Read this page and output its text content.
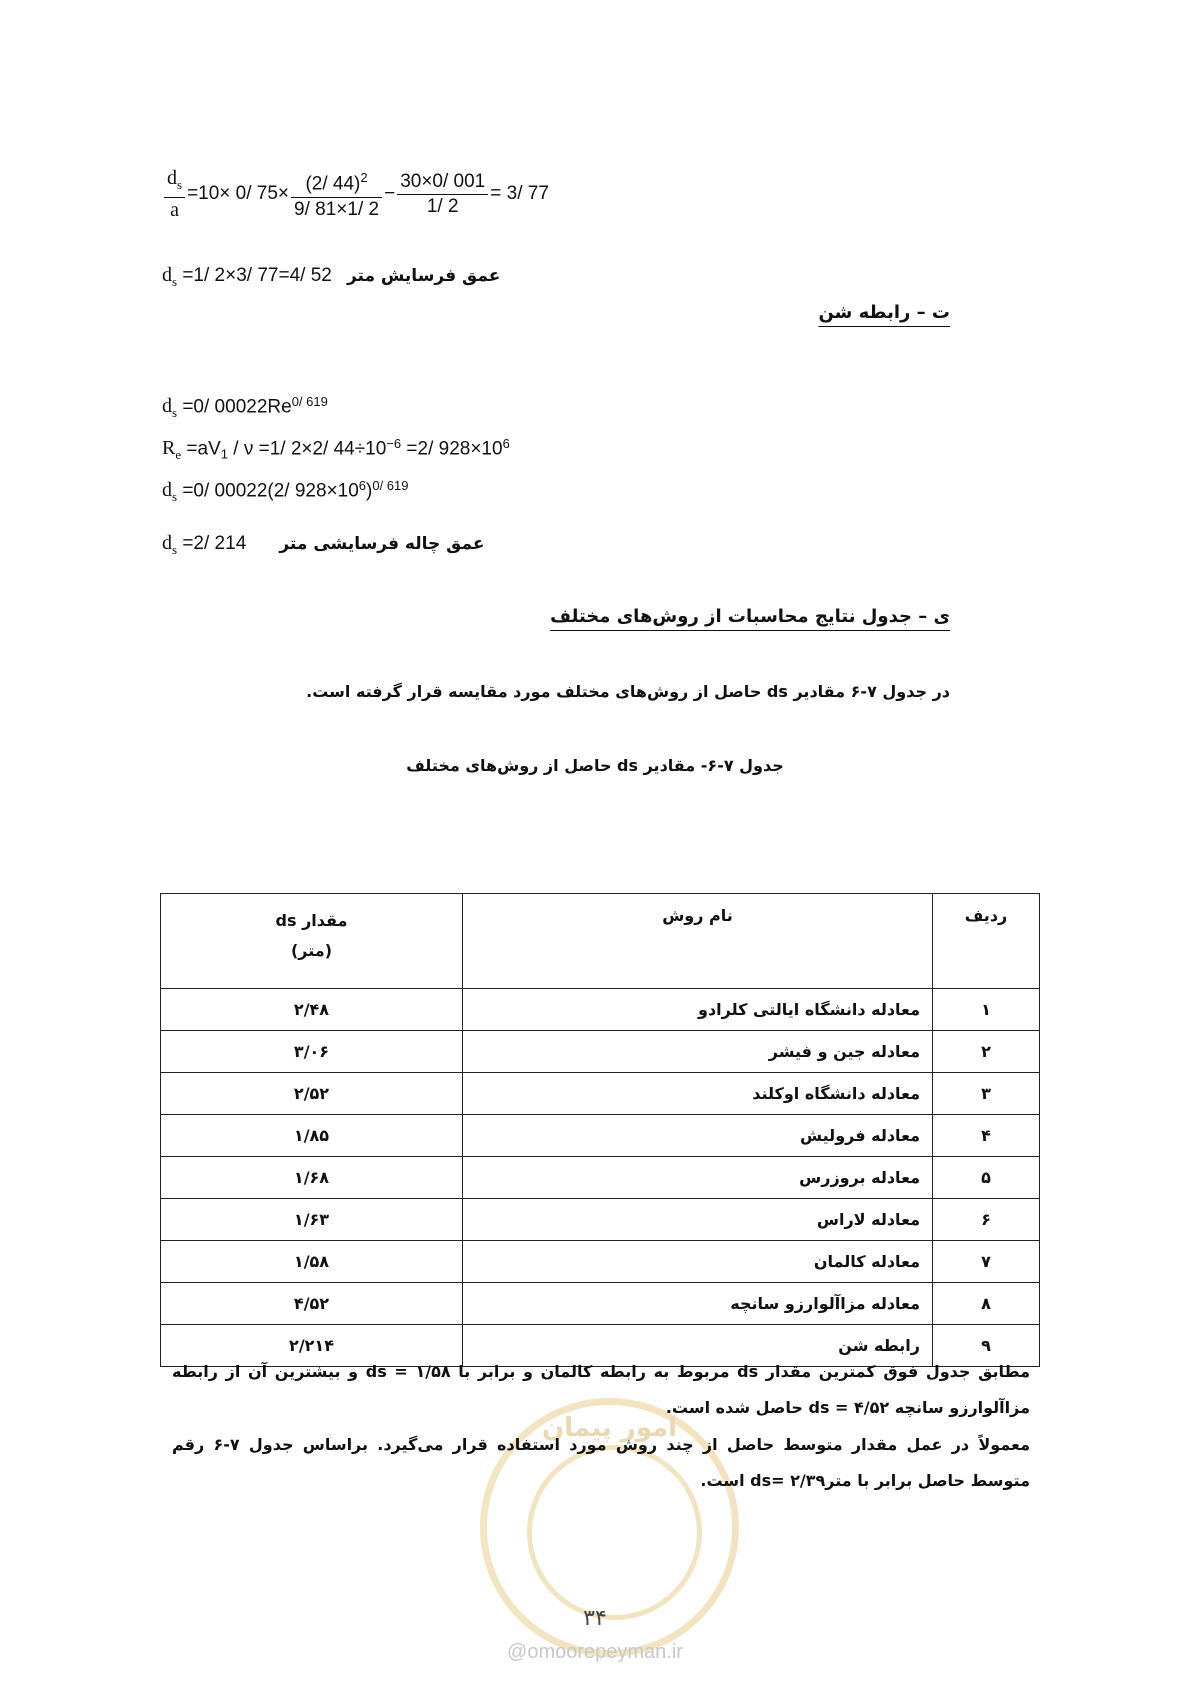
$\frac{d_s}{a} =10\times 0/$ $75\times \frac{(2/ 44)^2}{9/ 81\times 1/ 2} - \frac{30\times 0/ 001}{1/ 2} = 3/$ 77
$d_s =1/$ 2×3/ 77=4/ 52 عمق فرسایش متر
ت – رابطه شن
$d_s =0/$ $00022Re^{0/ 619}$
$R_e =aV_1 / \nu =1/$ 2×2/ $44\div 10^{-6} =2/$ $928\times 10^6$
$d_s =0/$ 00022(2/ $928\times 10^6)^{0/ 619}$
$d_s =2/$ 214 عمق چاله فرسایشی متر
ی – جدول نتایج محاسبات از روش‌های مختلف
در جدول ۷-۶ مقادیر ds حاصل از روش‌های مختلف مورد مقایسه قرار گرفته است.
جدول ۷-۶- مقادیر ds حاصل از روش‌های مختلف
ردیف	نام روش	مقدار ds
(متر)

۱	معادله دانشگاه ایالتی کلرادو	۲/۴۸
۲	معادله جین و فیشر	۳/۰۶
۳	معادله دانشگاه اوکلند	۲/۵۲
۴	معادله فرولیش	۱/۸۵
۵	معادله بروزرس	۱/۶۸
۶	معادله لاراس	۱/۶۳
۷	معادله کالمان	۱/۵۸
۸	معادله مزاآلوارزو سانچه	۴/۵۲
۹	رابطه شن	۲/۲۱۴
امور پیمان
مطابق جدول فوق کمترین مقدار ds مربوط به رابطه کالمان و برابر با ds = ۱/۵۸ و بیشترین آن از رابطه مزاآلوارزو سانچه ds = ۴/۵۲ حاصل شده است.
معمولاً در عمل مقدار متوسط حاصل از چند روش مورد استفاده قرار می‌گیرد. براساس جدول ۷-۶ رقم متوسط حاصل برابر با متر۲/۳۹ =ds است.
۳۴
@omoorepeyman.ir
